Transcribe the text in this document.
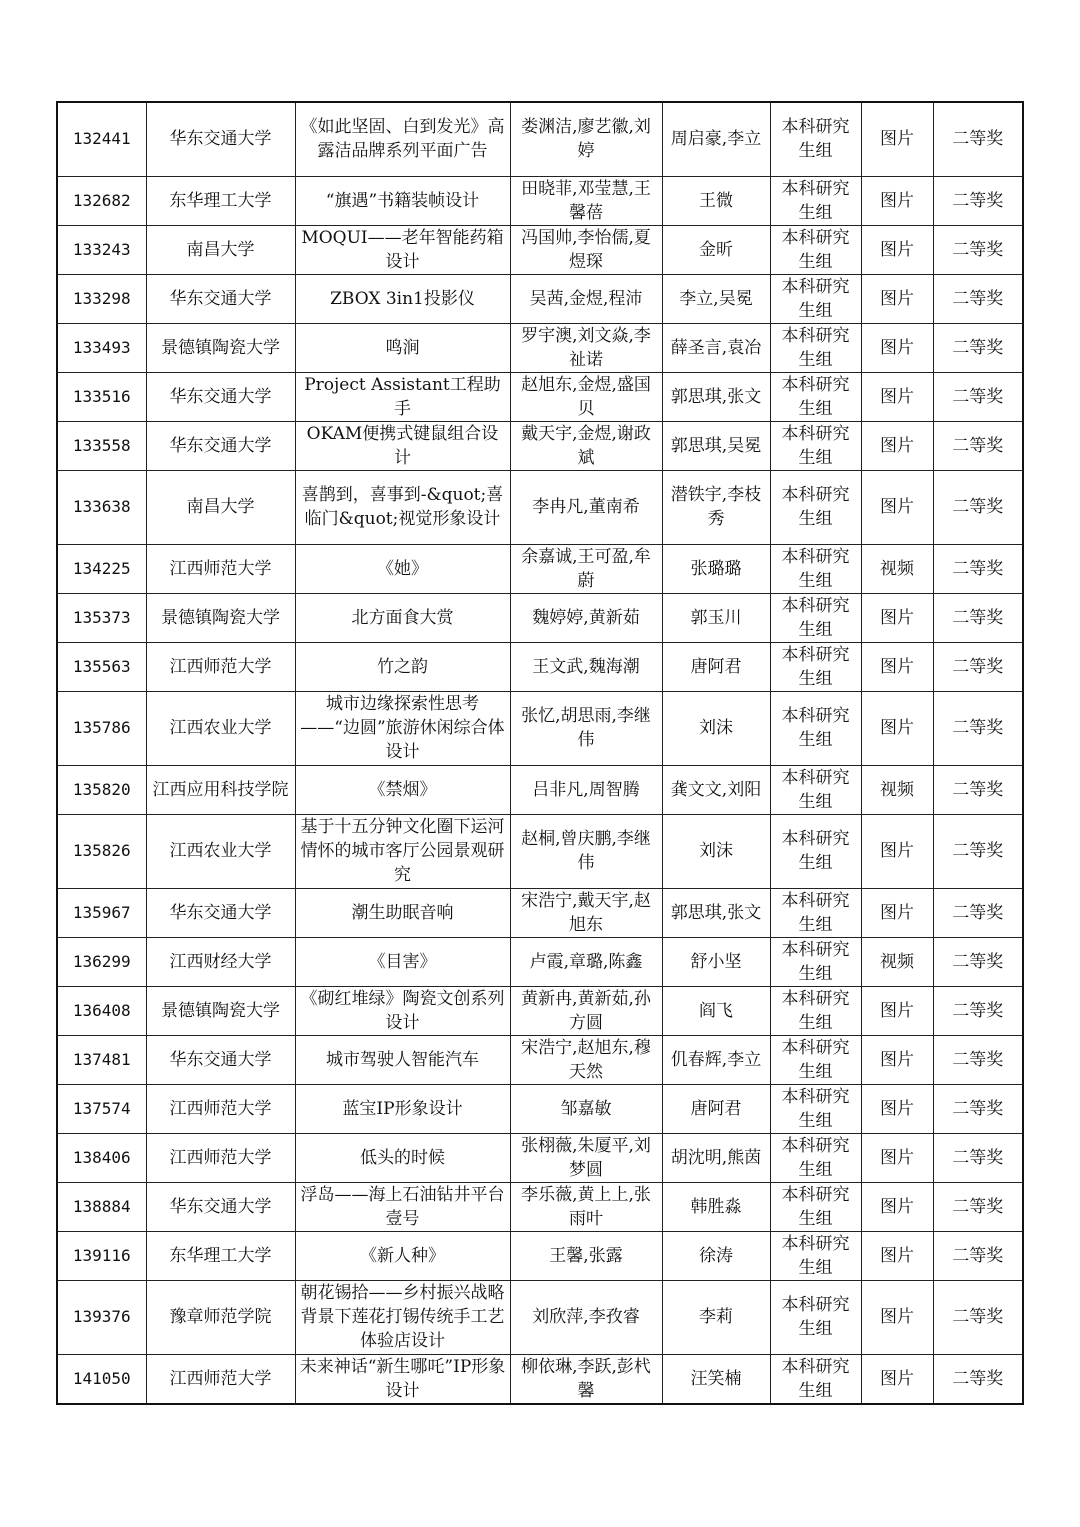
132441	华东交通大学	《如此坚固、白到发光》高露洁品牌系列平面广告	娄渊洁,廖艺徽,刘婷	周启豪,李立	本科研究生组	图片	二等奖
132682	东华理工大学	“旗遇”书籍装帧设计	田晓菲,邓莹慧,王馨蓓	王微	本科研究生组	图片	二等奖
133243	南昌大学	MOQUI——老年智能药箱设计	冯国帅,李怡儒,夏煜琛	金昕	本科研究生组	图片	二等奖
133298	华东交通大学	ZBOX 3in1投影仪	吴茜,金煜,程沛	李立,吴冕	本科研究生组	图片	二等奖
133493	景德镇陶瓷大学	鸣涧	罗宇澳,刘文焱,李祉诺	薛圣言,袁冶	本科研究生组	图片	二等奖
133516	华东交通大学	Project Assistant工程助手	赵旭东,金煜,盛国贝	郭思琪,张文	本科研究生组	图片	二等奖
133558	华东交通大学	OKAM便携式键鼠组合设计	戴天宇,金煜,谢政斌	郭思琪,吴冕	本科研究生组	图片	二等奖
133638	南昌大学	喜鹊到，喜事到-&quot;喜临门&quot;视觉形象设计	李冉凡,董南希	潜铁宇,李枝秀	本科研究生组	图片	二等奖
134225	江西师范大学	《她》	余嘉诚,王可盈,牟蔚	张璐璐	本科研究生组	视频	二等奖
135373	景德镇陶瓷大学	北方面食大赏	魏婷婷,黄新茹	郭玉川	本科研究生组	图片	二等奖
135563	江西师范大学	竹之韵	王文武,魏海潮	唐阿君	本科研究生组	图片	二等奖
135786	江西农业大学	城市边缘探索性思考——“边圆”旅游休闲综合体设计	张忆,胡思雨,李继伟	刘沫	本科研究生组	图片	二等奖
135820	江西应用科技学院	《禁烟》	吕非凡,周智腾	龚文文,刘阳	本科研究生组	视频	二等奖
135826	江西农业大学	基于十五分钟文化圈下运河情怀的城市客厅公园景观研究	赵桐,曾庆鹏,李继伟	刘沫	本科研究生组	图片	二等奖
135967	华东交通大学	潮生助眠音响	宋浩宁,戴天宇,赵旭东	郭思琪,张文	本科研究生组	图片	二等奖
136299	江西财经大学	《目害》	卢霞,章璐,陈鑫	舒小坚	本科研究生组	视频	二等奖
136408	景德镇陶瓷大学	《砌红堆绿》陶瓷文创系列设计	黄新冉,黄新茹,孙方圆	阎飞	本科研究生组	图片	二等奖
137481	华东交通大学	城市驾驶人智能汽车	宋浩宁,赵旭东,穆天然	仉春辉,李立	本科研究生组	图片	二等奖
137574	江西师范大学	蓝宝IP形象设计	邹嘉敏	唐阿君	本科研究生组	图片	二等奖
138406	江西师范大学	低头的时候	张栩薇,朱厦平,刘梦圆	胡沈明,熊茵	本科研究生组	图片	二等奖
138884	华东交通大学	浮岛——海上石油钻井平台壹号	李乐薇,黄上上,张雨叶	韩胜淼	本科研究生组	图片	二等奖
139116	东华理工大学	《新人种》	王馨,张露	徐涛	本科研究生组	图片	二等奖
139376	豫章师范学院	朝花锡拾——乡村振兴战略背景下莲花打锡传统手工艺体验店设计	刘欣萍,李孜睿	李莉	本科研究生组	图片	二等奖
141050	江西师范大学	未来神话“新生哪吒”IP形象设计	柳依琳,李跃,彭杙馨	汪笑楠	本科研究生组	图片	二等奖
